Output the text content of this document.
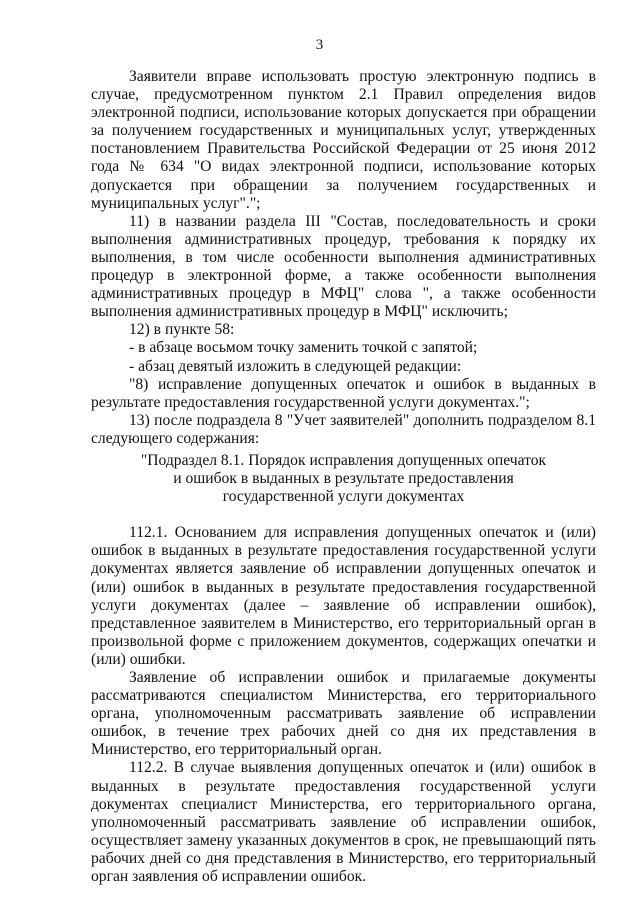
3

Заявители вправе использовать простую электронную подпись в случае, предусмотренном пунктом 2.1 Правил определения видов электронной подписи, использование которых допускается при обращении за получением государственных и муниципальных услуг, утвержденных постановлением Правительства Российской Федерации от 25 июня 2012 года № 634 "О видах электронной подписи, использование которых допускается при обращении за получением государственных и муниципальных услуг".";

11) в названии раздела III "Состав, последовательность и сроки выполнения административных процедур, требования к порядку их выполнения, в том числе особенности выполнения административных процедур в электронной форме, а также особенности выполнения административных процедур в МФЦ" слова ", а также особенности выполнения административных процедур в МФЦ" исключить;

12) в пункте 58:

- в абзаце восьмом точку заменить точкой с запятой;

- абзац девятый изложить в следующей редакции:

"8) исправление допущенных опечаток и ошибок в выданных в результате предоставления государственной услуги документах.";

13) после подраздела 8 "Учет заявителей" дополнить подразделом 8.1 следующего содержания:

"Подраздел 8.1. Порядок исправления допущенных опечаток
и ошибок в выданных в результате предоставления
государственной услуги документах

112.1. Основанием для исправления допущенных опечаток и (или) ошибок в выданных в результате предоставления государственной услуги документах является заявление об исправлении допущенных опечаток и (или) ошибок в выданных в результате предоставления государственной услуги документах (далее – заявление об исправлении ошибок), представленное заявителем в Министерство, его территориальный орган в произвольной форме с приложением документов, содержащих опечатки и (или) ошибки.

Заявление об исправлении ошибок и прилагаемые документы рассматриваются специалистом Министерства, его территориального органа, уполномоченным рассматривать заявление об исправлении ошибок, в течение трех рабочих дней со дня их представления в Министерство, его территориальный орган.

112.2. В случае выявления допущенных опечаток и (или) ошибок в выданных в результате предоставления государственной услуги документах специалист Министерства, его территориального органа, уполномоченный рассматривать заявление об исправлении ошибок, осуществляет замену указанных документов в срок, не превышающий пять рабочих дней со дня представления в Министерство, его территориальный орган заявления об исправлении ошибок.
